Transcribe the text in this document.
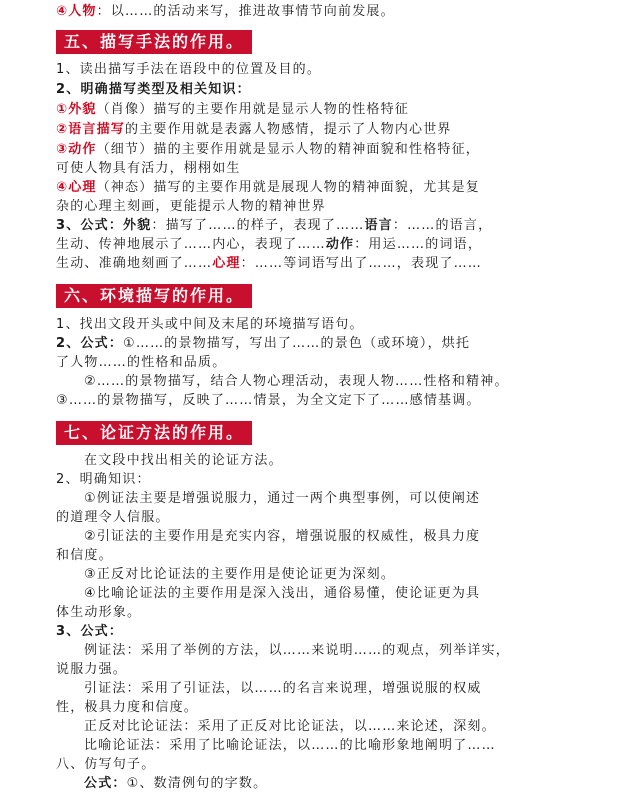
④人物：以……的活动来写，推进故事情节向前发展。
五、描写手法的作用。
1、读出描写手法在语段中的位置及目的。
2、明确描写类型及相关知识：
①外貌（肖像）描写的主要作用就是显示人物的性格特征
②语言描写的主要作用就是表露人物感情，提示了人物内心世界
③动作（细节）描的主要作用就是显示人物的精神面貌和性格特征，
可使人物具有活力，栩栩如生
④心理（神态）描写的主要作用就是展现人物的精神面貌，尤其是复
杂的心理主刻画，更能提示人物的精神世界
3、公式：外貌：描写了……的样子，表现了……语言：……的语言，
生动、传神地展示了……内心，表现了……动作：用运……的词语，
生动、准确地刻画了……心理：……等词语写出了……，表现了……
六、环境描写的作用。
1、找出文段开头或中间及末尾的环境描写语句。
2、公式：①……的景物描写，写出了……的景色（或环境），烘托
了人物……的性格和品质。
②……的景物描写，结合人物心理活动，表现人物……性格和精神。
③……的景物描写，反映了……情景，为全文定下了……感情基调。
七、论证方法的作用。
在文段中找出相关的论证方法。
2、明确知识：
①例证法主要是增强说服力，通过一两个典型事例，可以使阐述
的道理令人信服。
②引证法的主要作用是充实内容，增强说服的权威性，极具力度
和信度。
③正反对比论证法的主要作用是使论证更为深刻。
④比喻论证法的主要作用是深入浅出，通俗易懂，使论证更为具
体生动形象。
3、公式：
例证法：采用了举例的方法，以……来说明……的观点，列举详实，
说服力强。
引证法：采用了引证法，以……的名言来说理，增强说服的权威
性，极具力度和信度。
正反对比论证法：采用了正反对比论证法，以……来论述，深刻。
比喻论证法：采用了比喻论证法，以……的比喻形象地阐明了……
八、仿写句子。
公式：①、数清例句的字数。
